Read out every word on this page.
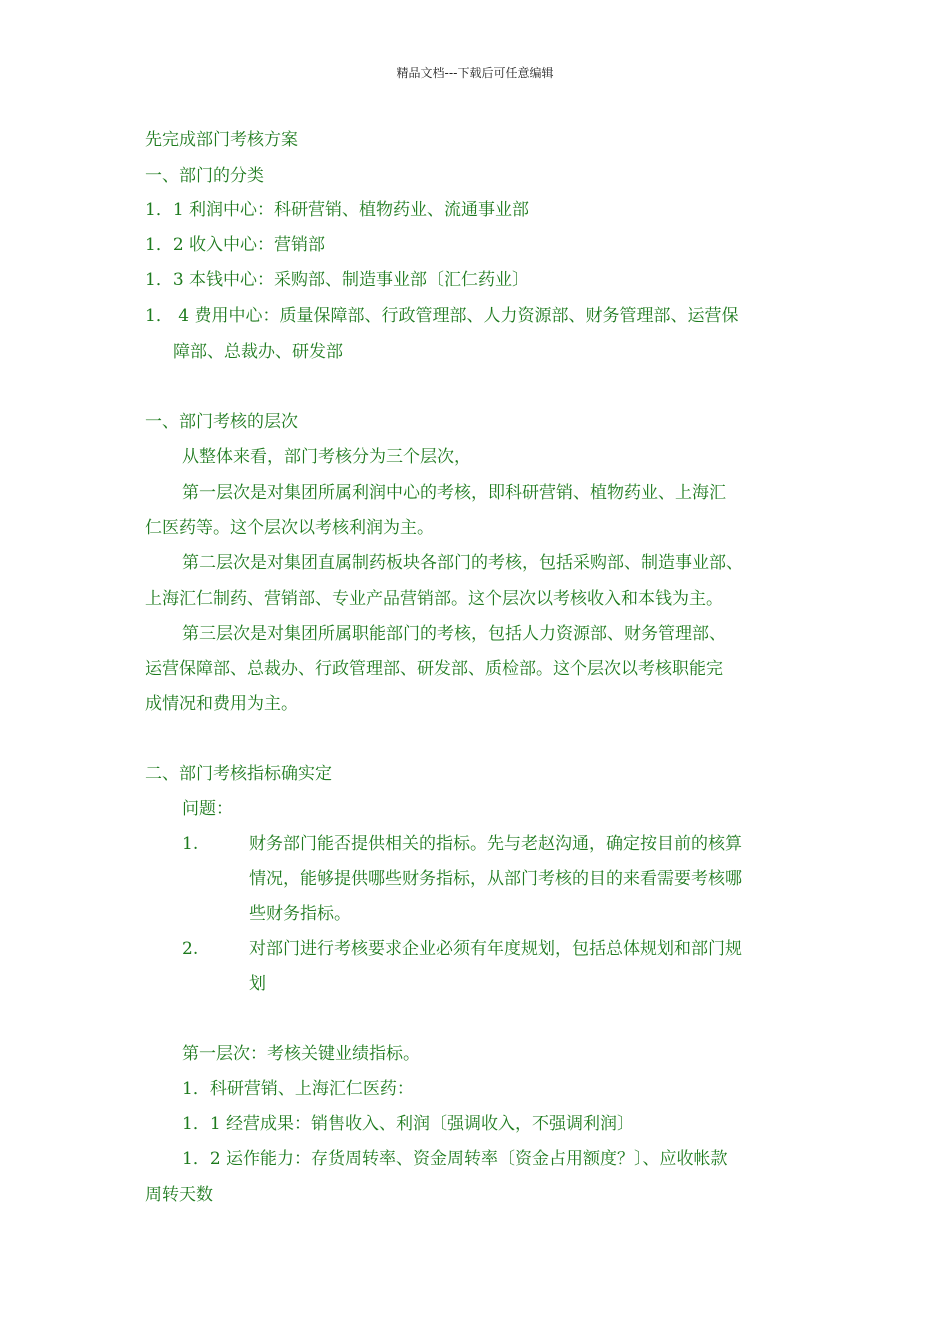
精品文档---下载后可任意编辑
先完成部门考核方案
一、部门的分类
1．1 利润中心：科研营销、植物药业、流通事业部
1．2 收入中心：营销部
1．3 本钱中心：采购部、制造事业部〔汇仁药业〕
1． 4 费用中心：质量保障部、行政管理部、人力资源部、财务管理部、运营保
障部、总裁办、研发部
一、部门考核的层次
从整体来看，部门考核分为三个层次，
第一层次是对集团所属利润中心的考核，即科研营销、植物药业、上海汇
仁医药等。这个层次以考核利润为主。
第二层次是对集团直属制药板块各部门的考核，包括采购部、制造事业部、
上海汇仁制药、营销部、专业产品营销部。这个层次以考核收入和本钱为主。
第三层次是对集团所属职能部门的考核，包括人力资源部、财务管理部、
运营保障部、总裁办、行政管理部、研发部、质检部。这个层次以考核职能完
成情况和费用为主。
二、部门考核指标确实定
问题：
1.	财务部门能否提供相关的指标。先与老赵沟通，确定按目前的核算
情况，能够提供哪些财务指标，从部门考核的目的来看需要考核哪
些财务指标。
2.	对部门进行考核要求企业必须有年度规划，包括总体规划和部门规
划
第一层次：考核关键业绩指标。
1．科研营销、上海汇仁医药：
1．1 经营成果：销售收入、利润〔强调收入，不强调利润〕
1．2 运作能力：存货周转率、资金周转率〔资金占用额度？〕、应收帐款
周转天数
